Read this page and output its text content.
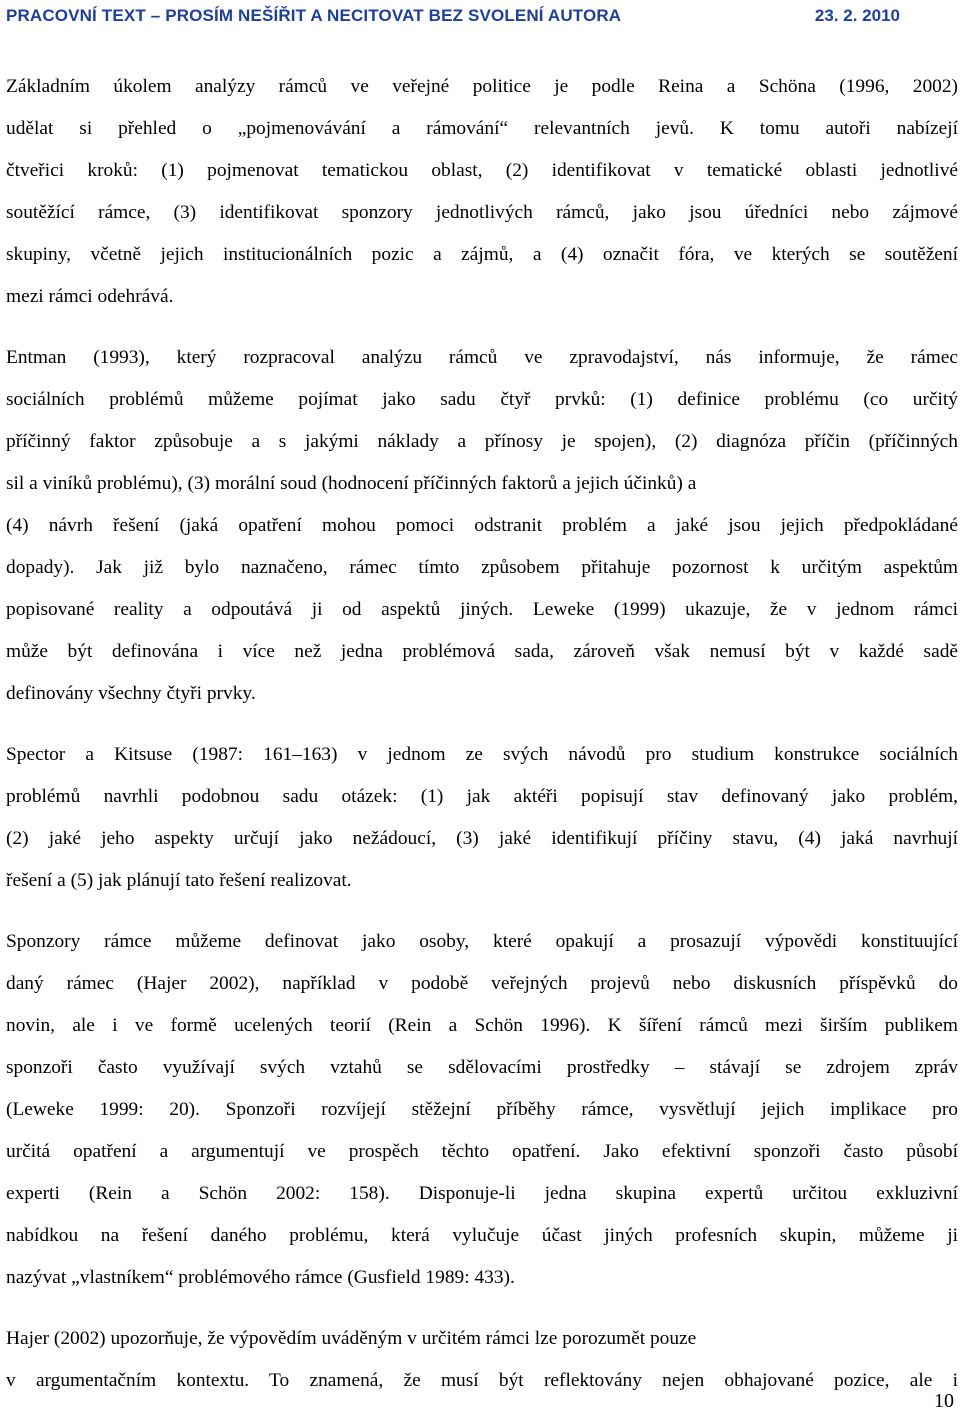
PRACOVNÍ TEXT – PROSÍM NEŠÍŘIT A NECITOVAT BEZ SVOLENÍ AUTORA	23. 2. 2010
Základním úkolem analýzy rámců ve veřejné politice je podle Reina a Schöna (1996, 2002)
udělat si přehled o „pojmenovávání a rámování“ relevantních jevů. K tomu autoři nabízejí
čtveřici kroků: (1) pojmenovat tematickou oblast, (2) identifikovat v tematické oblasti jednotlivé
soutěžící rámce, (3) identifikovat sponzory jednotlivých rámců, jako jsou úředníci nebo zájmové
skupiny, včetně jejich institucionálních pozic a zájmů, a (4) označit fóra, ve kterých se soutěžení
mezi rámci odehrává.
Entman (1993), který rozpracoval analýzu rámců ve zpravodajství, nás informuje, že rámec
sociálních problémů můžeme pojímat jako sadu čtyř prvků: (1) definice problému (co určitý
příčinný faktor způsobuje a s jakými náklady a přínosy je spojen), (2) diagnóza příčin (příčinných
sil a viníků problému), (3) morální soud (hodnocení příčinných faktorů a jejich účinků) a
(4) návrh řešení (jaká opatření mohou pomoci odstranit problém a jaké jsou jejich předpokládané
dopady). Jak již bylo naznačeno, rámec tímto způsobem přitahuje pozornost k určitým aspektům
popisované reality a odpoutává ji od aspektů jiných. Leweke (1999) ukazuje, že v jednom rámci
může být definována i více než jedna problémová sada, zároveň však nemusí být v každé sadě
definovány všechny čtyři prvky.
Spector a Kitsuse (1987: 161–163) v jednom ze svých návodů pro studium konstrukce sociálních
problémů navrhli podobnou sadu otázek: (1) jak aktéři popisují stav definovaný jako problém,
(2) jaké jeho aspekty určují jako nežádoucí, (3) jaké identifikují příčiny stavu, (4) jaká navrhují
řešení a (5) jak plánují tato řešení realizovat.
Sponzory rámce můžeme definovat jako osoby, které opakují a prosazují výpovědi konstituující
daný rámec (Hajer 2002), například v podobě veřejných projevů nebo diskusních příspěvků do
novin, ale i ve formě ucelených teorií (Rein a Schön 1996). K šíření rámců mezi širším publikem
sponzoři často využívají svých vztahů se sdělovacími prostředky – stávají se zdrojem zpráv
(Leweke 1999: 20). Sponzoři rozvíjejí stěžejní příběhy rámce, vysvětlují jejich implikace pro
určitá opatření a argumentují ve prospěch těchto opatření. Jako efektivní sponzoři často působí
experti (Rein a Schön 2002: 158). Disponuje-li jedna skupina expertů určitou exkluzivní
nabídkou na řešení daného problému, která vylučuje účast jiných profesních skupin, můžeme ji
nazývat „vlastníkem“ problémového rámce (Gusfield 1989: 433).
Hajer (2002) upozorňuje, že výpovědím uváděným v určitém rámci lze porozumět pouze
v argumentačním kontextu. To znamená, že musí být reflektovány nejen obhajované pozice, ale i
10
